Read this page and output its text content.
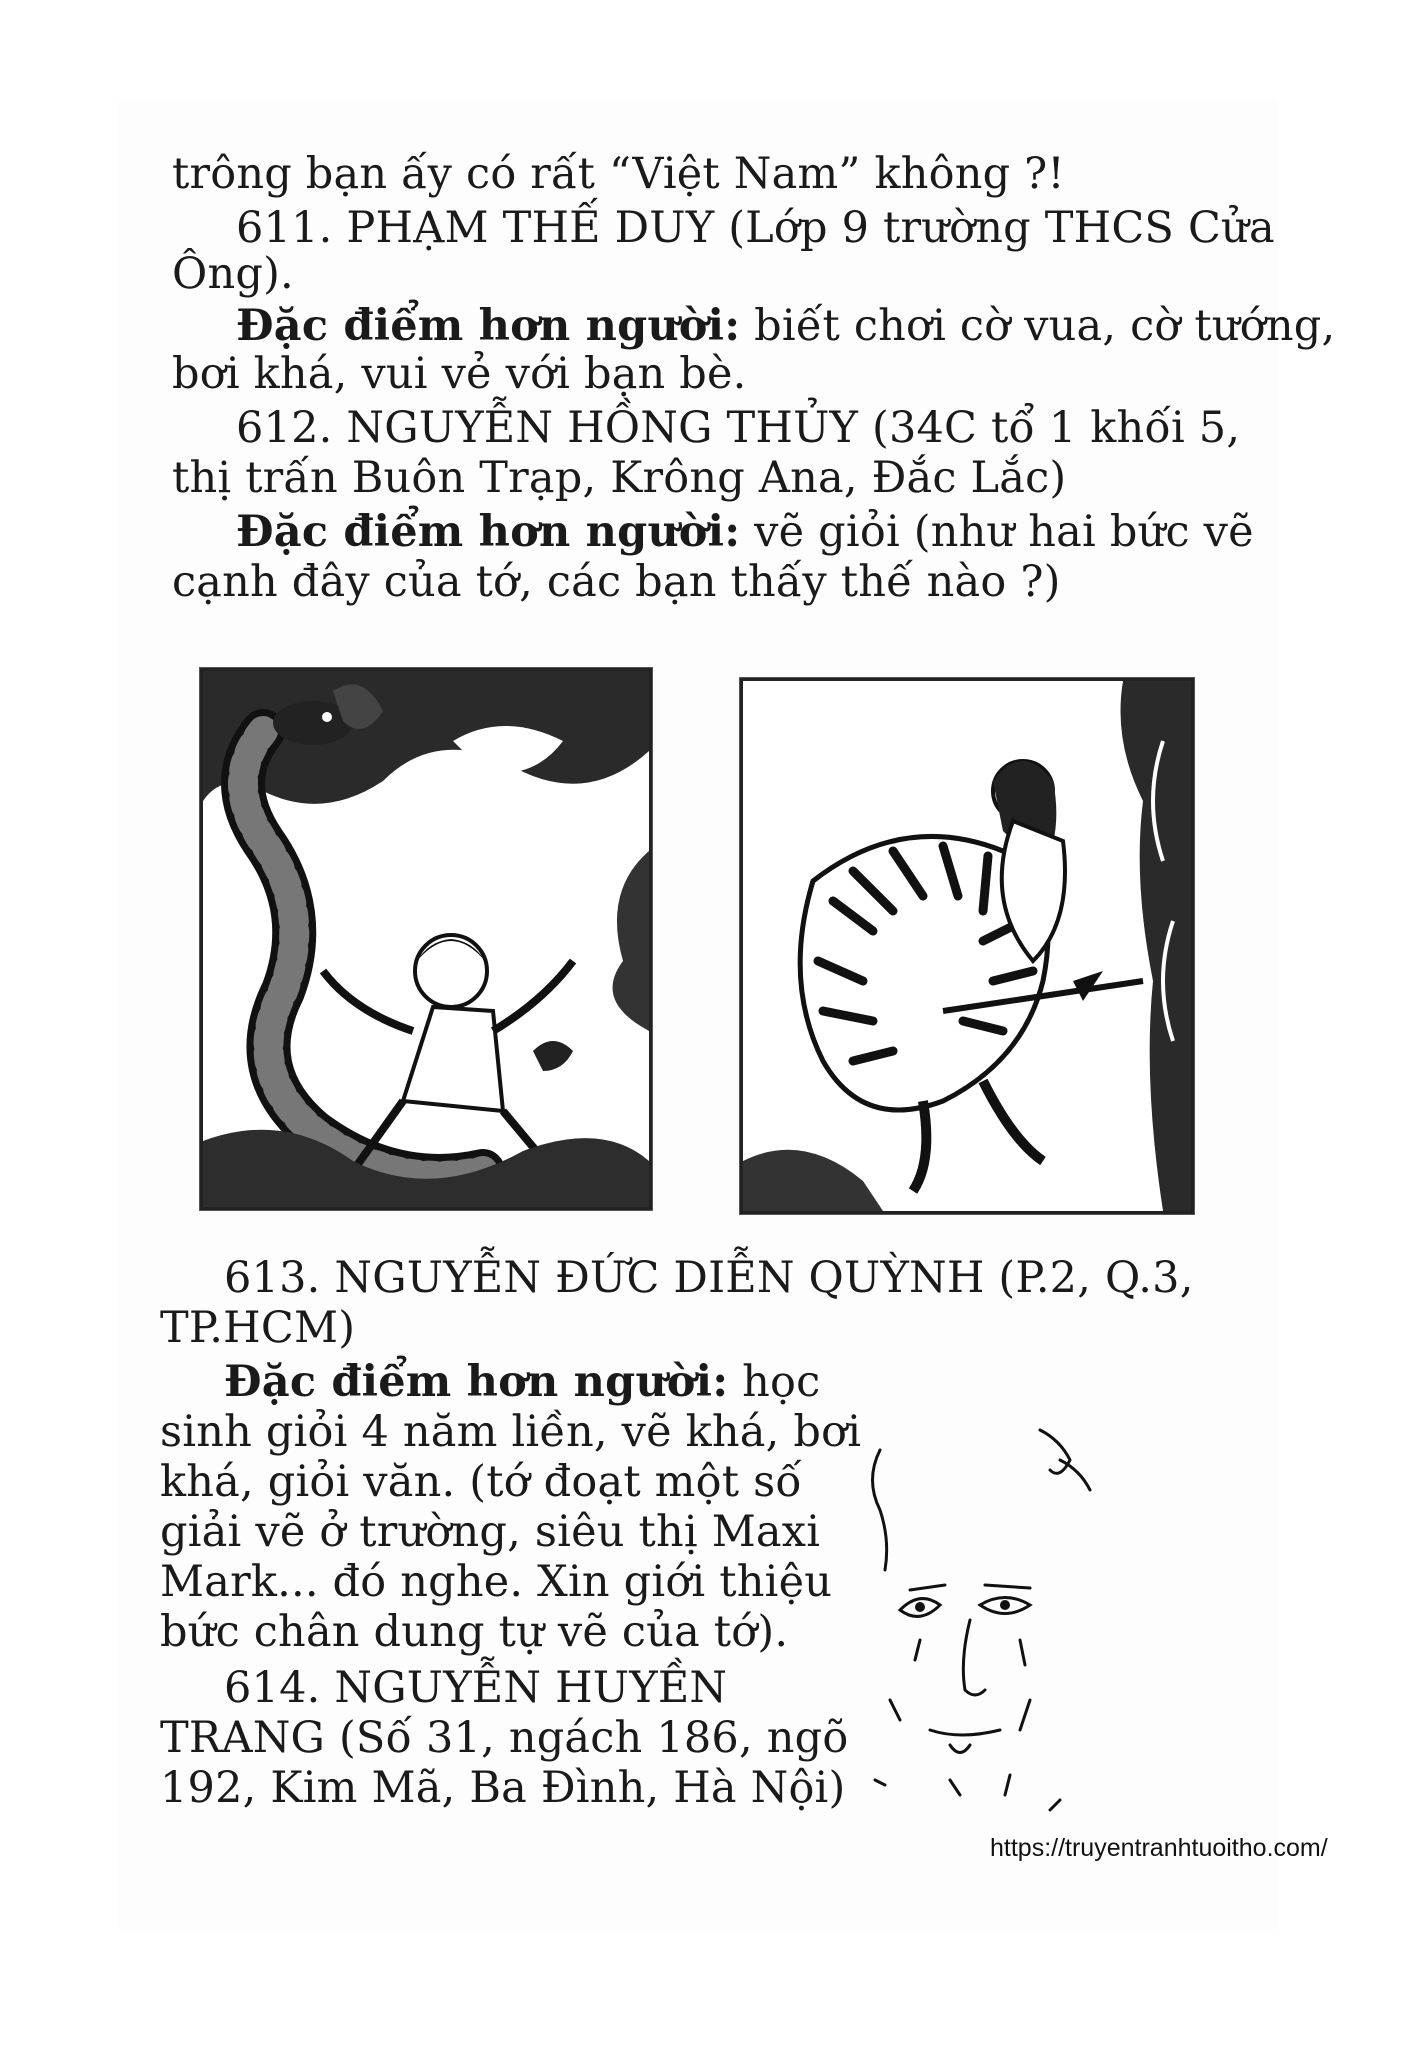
trông bạn ấy có rất “Việt Nam” không ?!
611. PHẠM THẾ DUY (Lớp 9 trường THCS Cửa
Ông).
Đặc điểm hơn người: biết chơi cờ vua, cờ tướng,
bơi khá, vui vẻ với bạn bè.
612. NGUYỄN HỒNG THỦY (34C tổ 1 khối 5,
thị trấn Buôn Trạp, Krông Ana, Đắc Lắc)
Đặc điểm hơn người: vẽ giỏi (như hai bức vẽ
cạnh đây của tớ, các bạn thấy thế nào ?)
613. NGUYỄN ĐỨC DIỄN QUỲNH (P.2, Q.3,
TP.HCM)
Đặc điểm hơn người: học
sinh giỏi 4 năm liền, vẽ khá, bơi
khá, giỏi văn. (tớ đoạt một số
giải vẽ ở trường, siêu thị Maxi
Mark... đó nghe. Xin giới thiệu
bức chân dung tự vẽ của tớ).
614. NGUYỄN HUYỀN
TRANG (Số 31, ngách 186, ngõ
192, Kim Mã, Ba Đình, Hà Nội)
https://truyentranhtuoitho.com/
